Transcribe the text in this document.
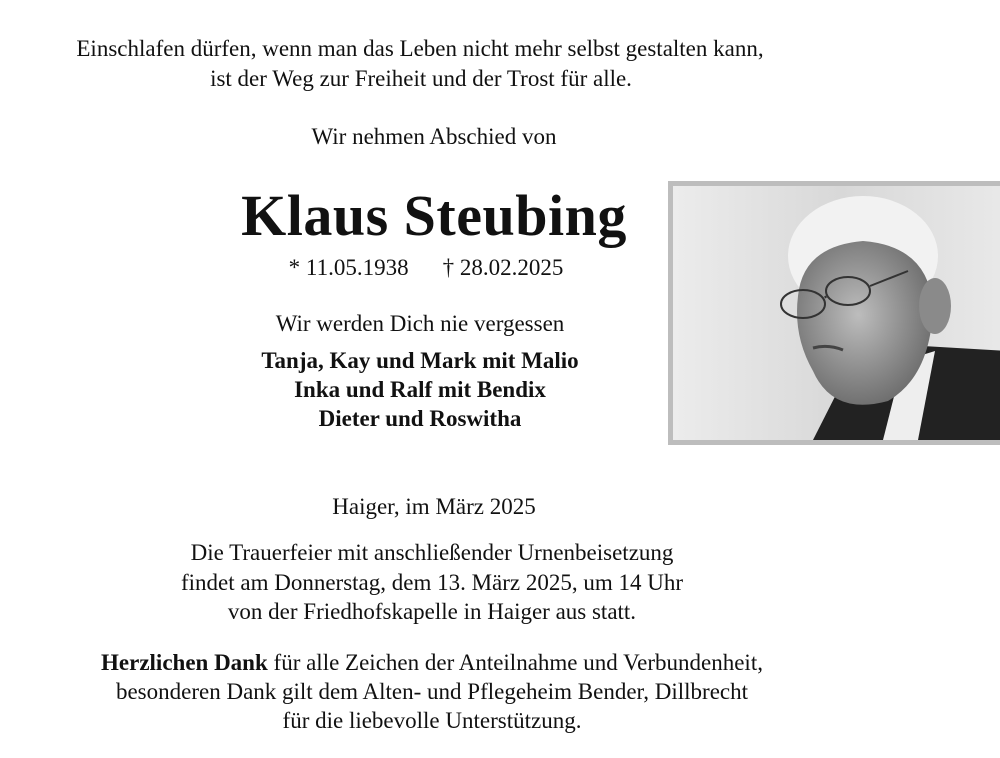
Einschlafen dürfen, wenn man das Leben nicht mehr selbst gestalten kann,
ist der Weg zur Freiheit und der Trost für alle.
Wir nehmen Abschied von
Klaus Steubing
* 11.05.1938 † 28.02.2025
Wir werden Dich nie vergessen
Tanja, Kay und Mark mit Malio
Inka und Ralf mit Bendix
Dieter und Roswitha
Haiger, im März 2025
Die Trauerfeier mit anschließender Urnenbeisetzung
findet am Donnerstag, dem 13. März 2025, um 14 Uhr
von der Friedhofskapelle in Haiger aus statt.
Herzlichen Dank für alle Zeichen der Anteilnahme und Verbundenheit,
besonderen Dank gilt dem Alten- und Pflegeheim Bender, Dillbrecht
für die liebevolle Unterstützung.
